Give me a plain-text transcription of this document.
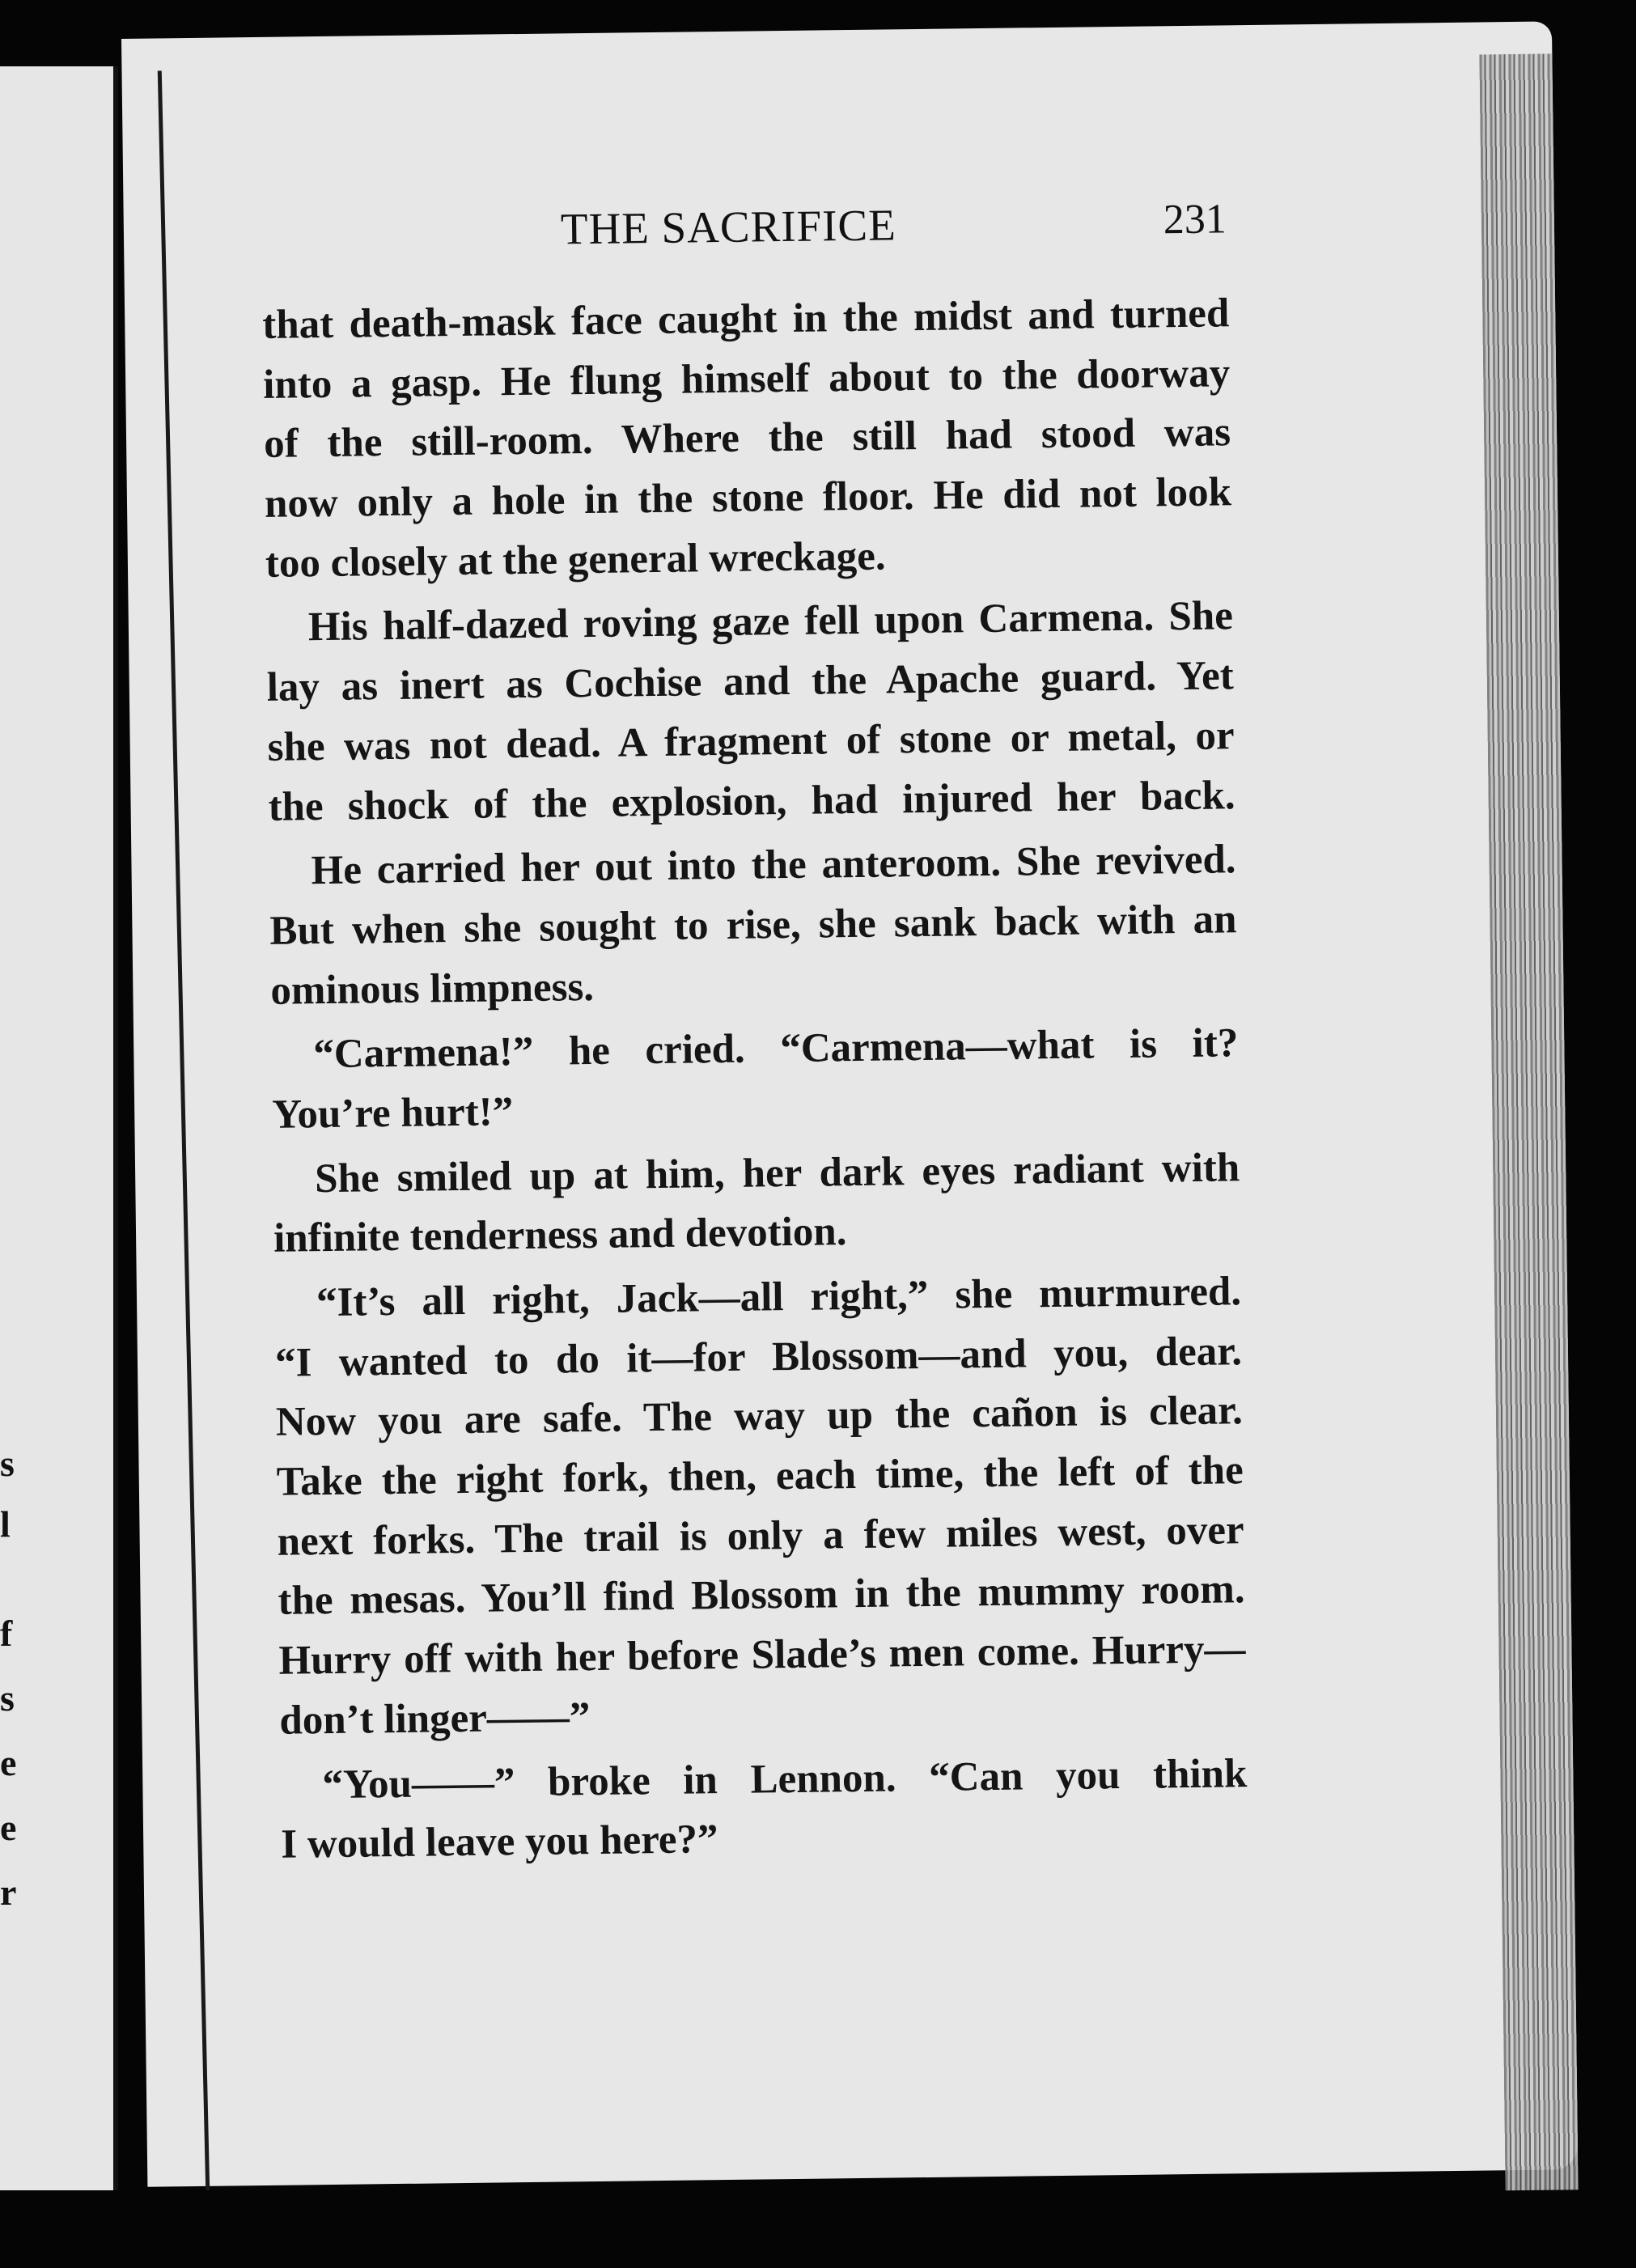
s
l
f
s
e
e
r
THE SACRIFICE	231
that death-mask face caught in the midst and turned
into a gasp. He flung himself about to the doorway
of the still-room. Where the still had stood was
now only a hole in the stone floor. He did not look
too closely at the general wreckage.
His half-dazed roving gaze fell upon Carmena. She
lay as inert as Cochise and the Apache guard. Yet
she was not dead. A fragment of stone or metal, or
the shock of the explosion, had injured her back.
He carried her out into the anteroom. She revived.
But when she sought to rise, she sank back with an
ominous limpness.
“Carmena!” he cried. “Carmena—what is it?
You’re hurt!”
She smiled up at him, her dark eyes radiant with
infinite tenderness and devotion.
“It’s all right, Jack—all right,” she murmured.
“I wanted to do it—for Blossom—and you, dear.
Now you are safe. The way up the cañon is clear.
Take the right fork, then, each time, the left of the
next forks. The trail is only a few miles west, over
the mesas. You’ll find Blossom in the mummy room.
Hurry off with her before Slade’s men come. Hurry—
don’t linger——”
“You——” broke in Lennon. “Can you think
I would leave you here?”
